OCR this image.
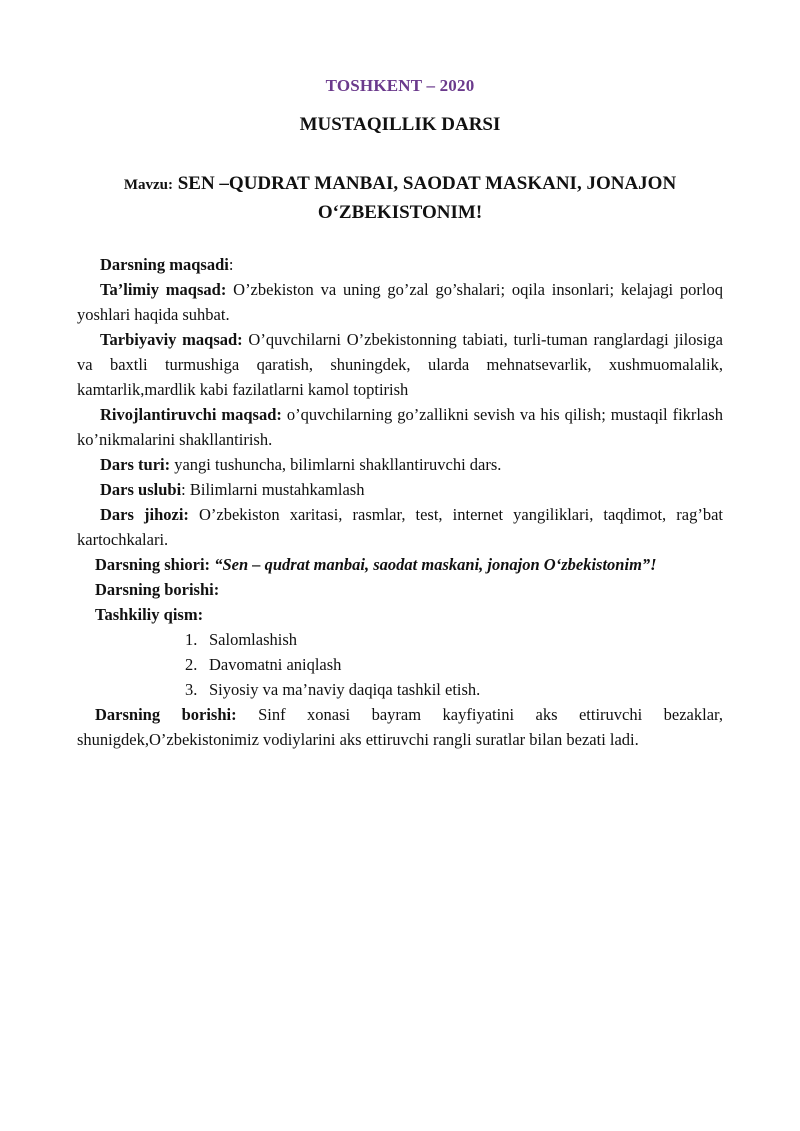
TOSHKENT – 2020
MUSTAQILLIK DARSI
Mavzu: SEN –QUDRAT MANBAI, SAODAT MASKANI, JONAJON O‘ZBEKISTONIM!

Darsning maqsadi:

Ta’limiy maqsad: O’zbekiston va uning go’zal go’shalari; oqila insonlari; kelajagi porloq yoshlari haqida suhbat.

Tarbiyaviy maqsad: O’quvchilarni O’zbekistonning tabiati, turli-tuman ranglardagi jilosiga va baxtli turmushiga qaratish, shuningdek, ularda mehnatsevarlik, xushmuomalalik, kamtarlik,mardlik kabi fazilatlarni kamol toptirish

Rivojlantiruvchi maqsad: o’quvchilarning go’zallikni sevish va his qilish; mustaqil fikrlash ko’nikmalarini shakllantirish.

Dars turi: yangi tushuncha, bilimlarni shakllantiruvchi dars.

Dars uslubi: Bilimlarni mustahkamlash

Dars jihozi: O’zbekiston xaritasi, rasmlar, test, internet yangiliklari, taqdimot, rag’bat kartochkalari.

Darsning shiori: “Sen – qudrat manbai, saodat maskani, jonajon O‘zbekistonim”!

Darsning borishi:

Tashkiliy qism:

1. Salomlashish
2. Davomatni aniqlash
3. Siyosiy va ma’naviy daqiqa tashkil etish.

Darsning borishi: Sinf xonasi bayram kayfiyatini aks ettiruvchi bezaklar, shunigdek,O’zbekistonimiz vodiylarini aks ettiruvchi rangli suratlar bilan bezati ladi.
